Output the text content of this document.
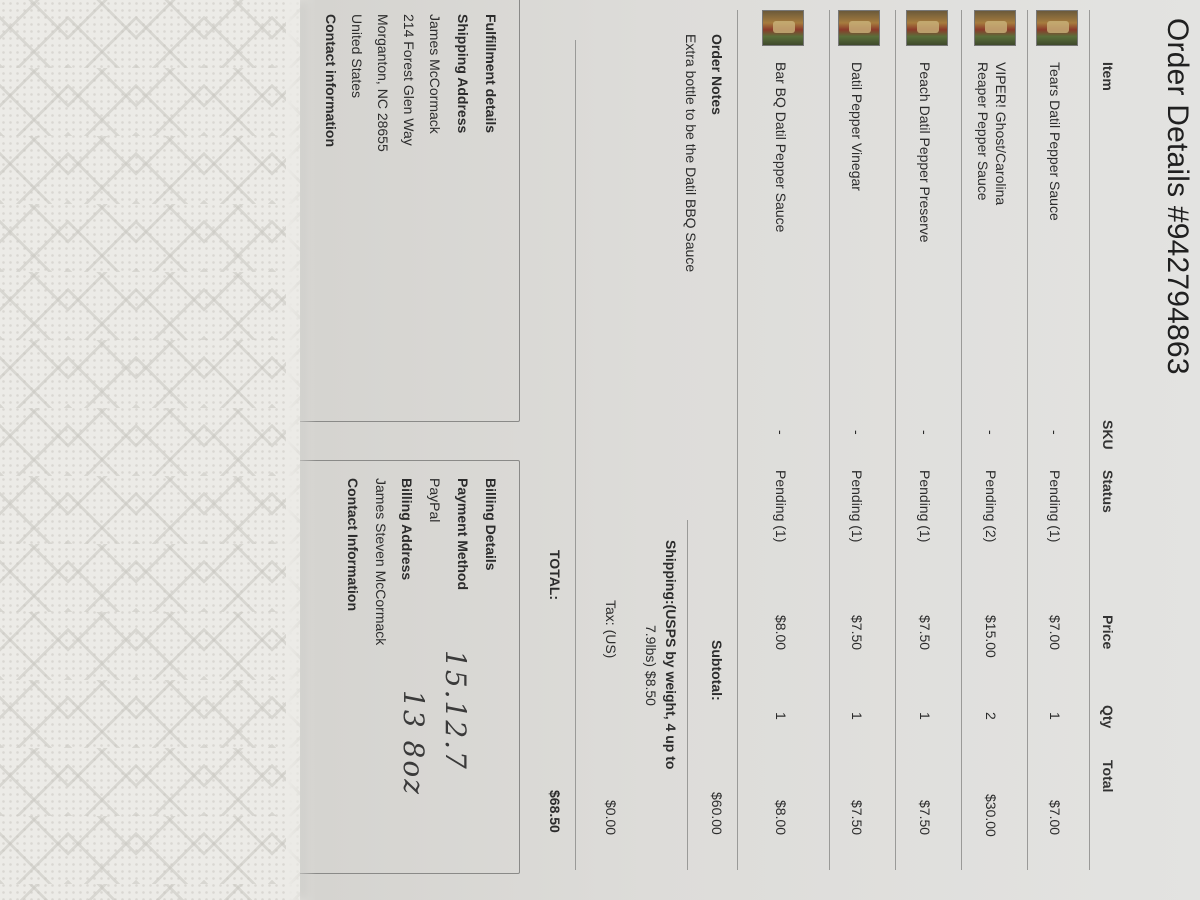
Order Details #942794863
Item
SKU
Status
Price
Qty
Total
Tears Datil Pepper Sauce
-
Pending (1)
$7.00
1
$7.00
VIPER! Ghost/Carolina
Reaper Pepper Sauce
-
Pending (2)
$15.00
2
$30.00
Peach Datil Pepper Preserve
-
Pending (1)
$7.50
1
$7.50
Datil Pepper Vinegar
-
Pending (1)
$7.50
1
$7.50
Bar BQ Datil Pepper Sauce
-
Pending (1)
$8.00
1
$8.00
Order Notes
Extra bottle to be the Datil BBQ Sauce
Subtotal:
$60.00
Shipping:(USPS by weight, 4 up to
7.9lbs) $8.50
Tax: (US)
$0.00
TOTAL:
$68.50
Fulfillment details
Shipping Address
James McCormack
214 Forest Glen Way
Morganton, NC 28655
United States
Contact information
Billing Details
Payment Method
PayPal
Billing Address
James Steven McCormack
Contact Information
15.12.7
13 8oz
